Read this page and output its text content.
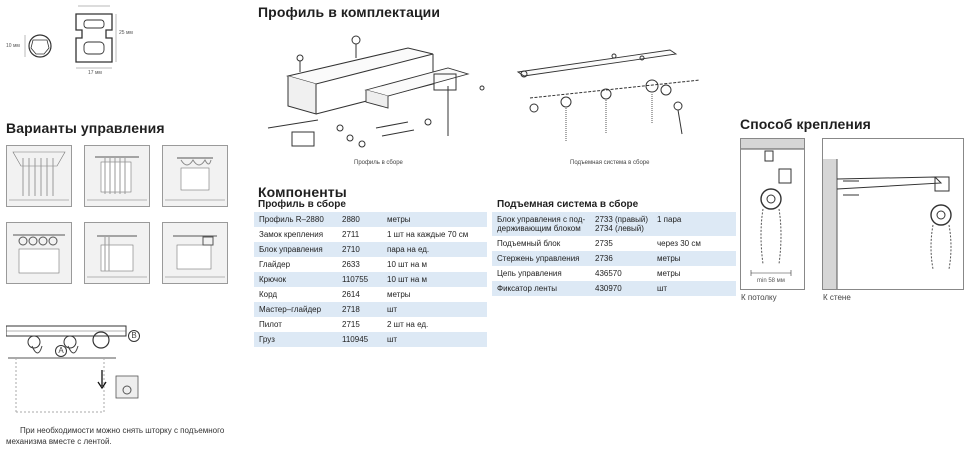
25 мм
17 мм
10 мм
Варианты управления
A
B
При необходимости можно снять шторку с подъемного
механизма вместе с лентой.
Профиль в комплектации
Профиль в сборе	Подъемная система в сборе
Компоненты
Профиль в сборе
Профиль R–2880	2880	метры
Замок крепления	2711	1 шт на каждые 70 см
Блок управления	2710	пара на ед.
Глайдер	2633	10 шт на м
Крючок	110755	10 шт на м
Корд	2614	метры
Мастер–глайдер	2718	шт
Пилот	2715	2 шт на ед.
Груз	110945	шт
Подъемная система в сборе
Блок управления с под-
держивающим блоком	2733 (правый)
2734 (левый)	1 пара
Подъемный блок	2735	через 30 см
Стержень управления	2736	метры
Цепь управления	436570	метры
Фиксатор ленты	430970	шт
Способ крепления
min 58 мм
К потолку	К стене
